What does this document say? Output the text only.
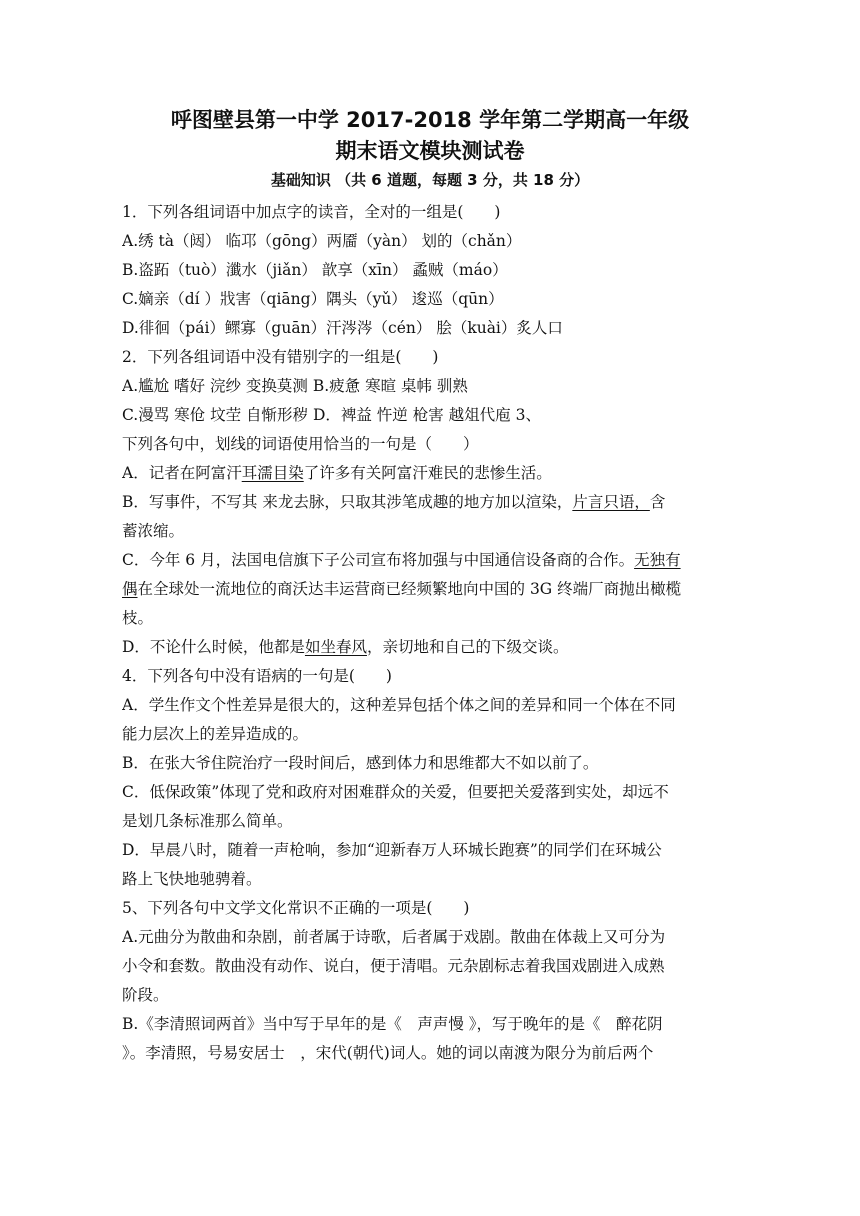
呼图壁县第一中学 2017-2018 学年第二学期高一年级
期末语文模块测试卷
基础知识 （共 6 道题，每题 3 分，共 18 分）
1．下列各组词语中加点字的读音，全对的一组是(　　)
A.绣 tà（闼） 临邛（gōng）两靥（yàn） 划的（chǎn）
B.盗跖（tuò）瀸水（jiǎn） 歆享（xīn） 蟊贼（máo）
C.嫡亲（dí ）戕害（qiāng）隅头（yǔ） 逡巡（qūn）
D.徘徊（pái）鳏寡（guān）汗涔涔（cén） 脍（kuài）炙人口
2．下列各组词语中没有错别字的一组是(　　)
A.尴尬 嗜好 浣纱 变换莫测 B.疲惫 寒暄 桌帏 驯熟
C.漫骂 寒伧 坟茔 自惭形秽 D．裨益 忤逆 枪害 越俎代庖 3、
下列各句中，划线的词语使用恰当的一句是（　　）
A．记者在阿富汗耳濡目染了许多有关阿富汗难民的悲惨生活。
B．写事件，不写其 来龙去脉，只取其涉笔成趣的地方加以渲染，片言只语，含
蓄浓缩。
C．今年 6 月，法国电信旗下子公司宣布将加强与中国通信设备商的合作。无独有
偶在全球处一流地位的商沃达丰运营商已经频繁地向中国的 3G 终端厂商抛出橄榄
枝。
D．不论什么时候，他都是如坐春风，亲切地和自己的下级交谈。
4．下列各句中没有语病的一句是(　　)
A．学生作文个性差异是很大的，这种差异包括个体之间的差异和同一个体在不同
能力层次上的差异造成的。
B．在张大爷住院治疗一段时间后，感到体力和思维都大不如以前了。
C．低保政策”体现了党和政府对困难群众的关爱，但要把关爱落到实处，却远不
是划几条标准那么简单。
D．早晨八时，随着一声枪响，参加“迎新春万人环城长跑赛”的同学们在环城公
路上飞快地驰骋着。
5、下列各句中文学文化常识不正确的一项是(　　)
A.元曲分为散曲和杂剧，前者属于诗歌，后者属于戏剧。散曲在体裁上又可分为
小令和套数。散曲没有动作、说白，便于清唱。元杂剧标志着我国戏剧进入成熟
阶段。
B.《李清照词两首》当中写于早年的是《　声声慢 》，写于晚年的是《　醉花阴
》。李清照，号易安居士　，宋代(朝代)词人。她的词以南渡为限分为前后两个
